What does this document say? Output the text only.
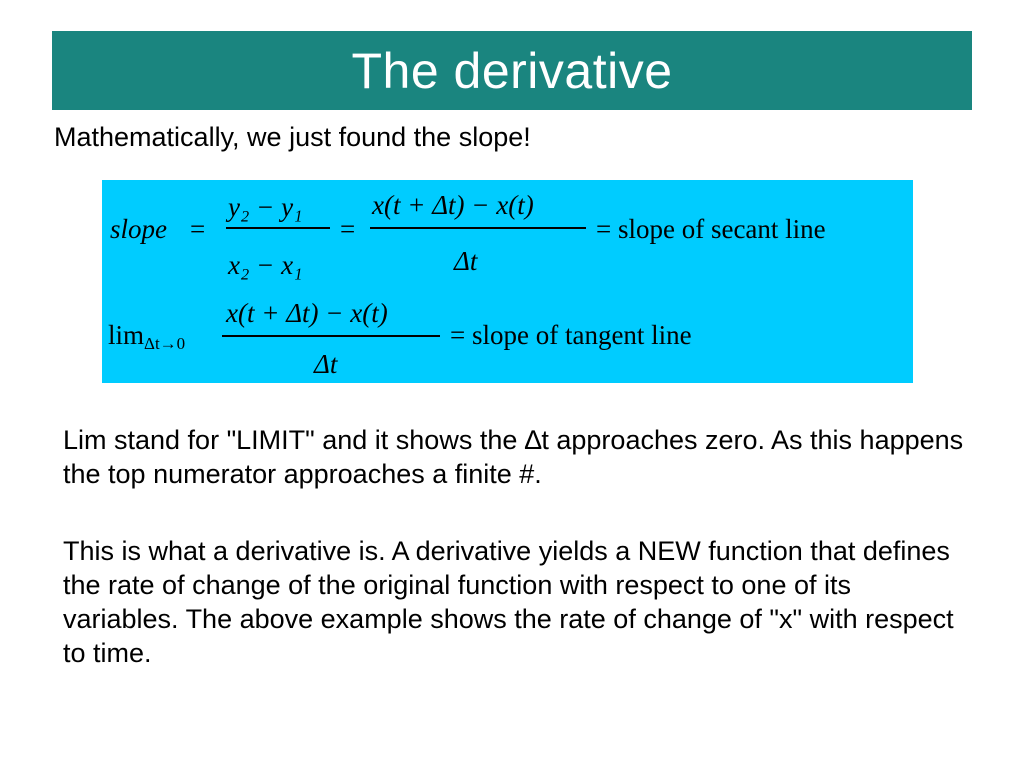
The derivative
Mathematically, we just found the slope!
slope =
y₂ − y₁
x₂ − x₁
=
x(t + Δt) − x(t)
Δt
= slope of secant line
$\lim_{\Delta t\to 0}$
x(t + Δt) − x(t)
Δt
= slope of tangent line
Lim stand for "LIMIT" and it shows the ∆t approaches zero. As this happens the top numerator approaches a finite #.
This is what a derivative is. A derivative yields a NEW function that defines the rate of change of the original function with respect to one of its variables. The above example shows the rate of change of "x" with respect to time.
